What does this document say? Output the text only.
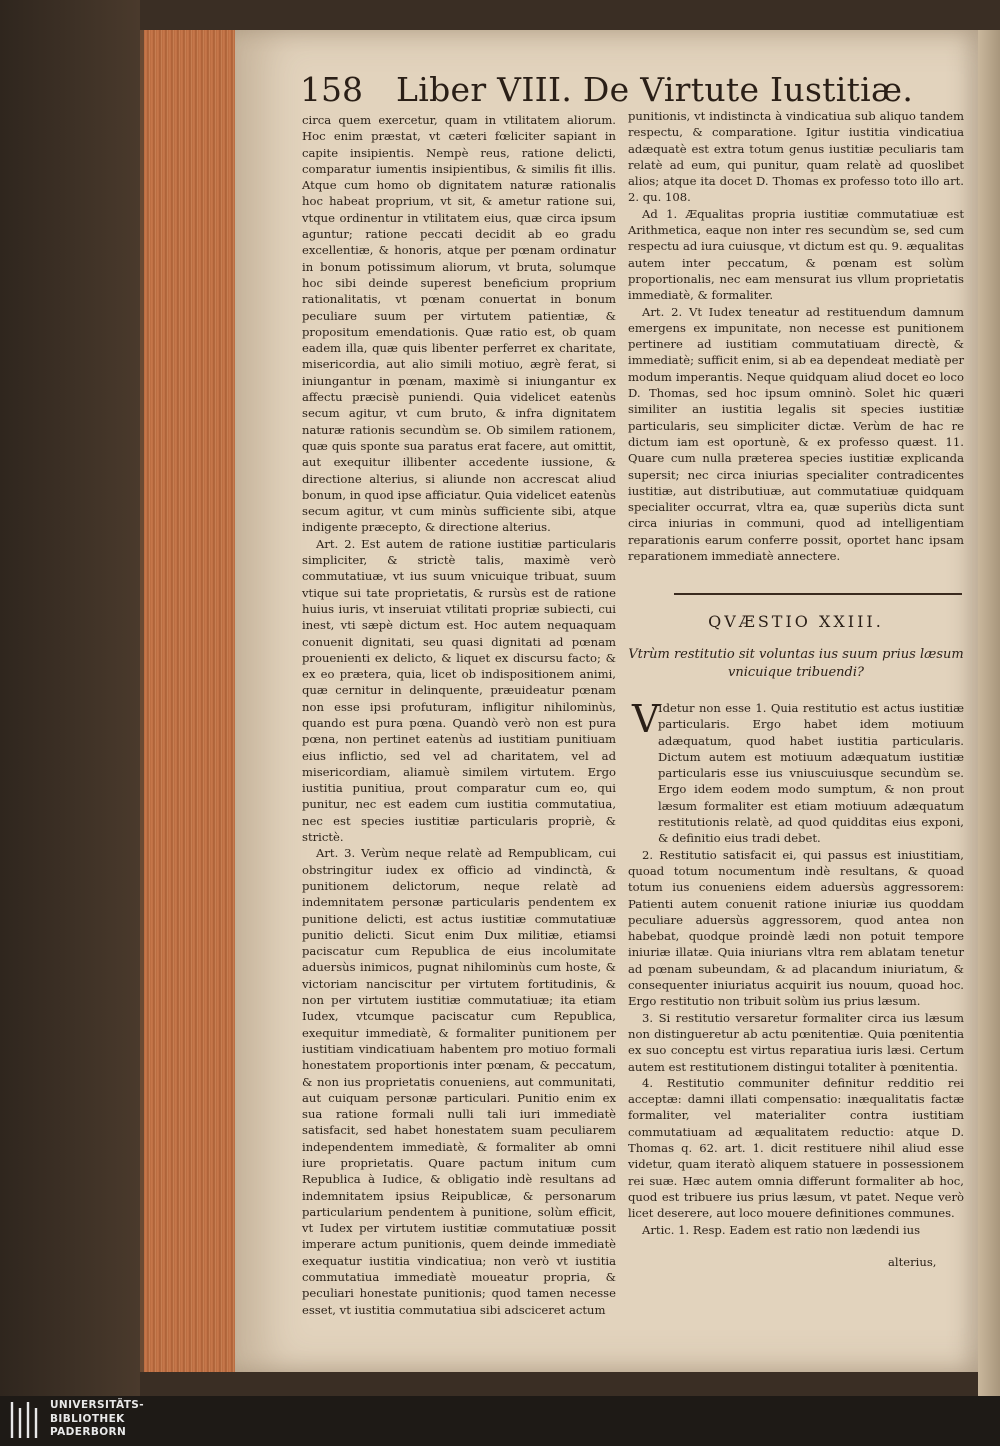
158 Liber VIII. De Virtute Iustitiæ.

circa quem exercetur, quam in vtilitatem aliorum. Hoc enim præstat, vt cæteri fœliciter sapiant in capite insipientis. Nempè reus, ratione delicti, comparatur iumentis insipientibus, & similis fit illis. Atque cum homo ob dignitatem naturæ rationalis hoc habeat proprium, vt sit, & ametur ratione sui, vtque ordinentur in vtilitatem eius, quæ circa ipsum aguntur; ratione peccati decidit ab eo gradu excellentiæ, & honoris, atque per pœnam ordinatur in bonum potissimum aliorum, vt bruta, solumque hoc sibi deinde superest beneficium proprium rationalitatis, vt pœnam conuertat in bonum peculiare suum per virtutem patientiæ, & propositum emendationis. Quæ ratio est, ob quam eadem illa, quæ quis libenter perferret ex charitate, misericordia, aut alio simili motiuo, ægrè ferat, si iniungantur in pœnam, maximè si iniungantur ex affectu præcisè puniendi. Quia videlicet eatenùs secum agitur, vt cum bruto, & infra dignitatem naturæ rationis secundùm se. Ob similem rationem, quæ quis sponte sua paratus erat facere, aut omittit, aut exequitur illibenter accedente iussione, & directione alterius, si aliunde non accrescat aliud bonum, in quod ipse afficiatur. Quia videlicet eatenùs secum agitur, vt cum minùs sufficiente sibi, atque indigente præcepto, & directione alterius.

Art. 2. Est autem de ratione iustitiæ particularis simpliciter, & strictè talis, maximè verò commutatiuæ, vt ius suum vnicuique tribuat, suum vtique sui tate proprietatis, & rursùs est de ratione huius iuris, vt inseruiat vtilitati propriæ subiecti, cui inest, vti sæpè dictum est. Hoc autem nequaquam conuenit dignitati, seu quasi dignitati ad pœnam prouenienti ex delicto, & liquet ex discursu facto; & ex eo prætera, quia, licet ob indispositionem animi, quæ cernitur in delinquente, præuideatur pœnam non esse ipsi profuturam, infligitur nihilominùs, quando est pura pœna. Quandò verò non est pura pœna, non pertinet eatenùs ad iustitiam punitiuam eius inflictio, sed vel ad charitatem, vel ad misericordiam, aliamuè similem virtutem. Ergo iustitia punitiua, prout comparatur cum eo, qui punitur, nec est eadem cum iustitia commutatiua, nec est species iustitiæ particularis propriè, & strictè.

Art. 3. Verùm neque relatè ad Rempublicam, cui obstringitur iudex ex officio ad vindinctà, & punitionem delictorum, neque relatè ad indemnitatem personæ particularis pendentem ex punitione delicti, est actus iustitiæ commutatiuæ punitio delicti. Sicut enim Dux militiæ, etiamsi paciscatur cum Republica de eius incolumitate aduersùs inimicos, pugnat nihilominùs cum hoste, & victoriam nanciscitur per virtutem fortitudinis, & non per virtutem iustitiæ commutatiuæ; ita etiam Iudex, vtcumque paciscatur cum Republica, exequitur immediatè, & formaliter punitionem per iustitiam vindicatiuam habentem pro motiuo formali honestatem proportionis inter pœnam, & peccatum, & non ius proprietatis conueniens, aut communitati, aut cuiquam personæ particulari. Punitio enim ex sua ratione formali nulli tali iuri immediatè satisfacit, sed habet honestatem suam peculiarem independentem immediatè, & formaliter ab omni iure proprietatis. Quare pactum initum cum Republica à Iudice, & obligatio indè resultans ad indemnitatem ipsius Reipublicæ, & personarum particularium pendentem à punitione, solùm efficit, vt Iudex per virtutem iustitiæ commutatiuæ possit imperare actum punitionis, quem deinde immediatè exequatur iustitia vindicatiua; non verò vt iustitia commutatiua immediatè moueatur propria, & peculiari honestate punitionis; quod tamen necesse esset, vt iustitia commutatiua sibi adsciceret actum

punitionis, vt indistincta à vindicatiua sub aliquo tandem respectu, & comparatione. Igitur iustitia vindicatiua adæquatè est extra totum genus iustitiæ peculiaris tam relatè ad eum, qui punitur, quam relatè ad quoslibet alios; atque ita docet D. Thomas ex professo toto illo art. 2. qu. 108.

Ad 1. Æqualitas propria iustitiæ commutatiuæ est Arithmetica, eaque non inter res secundùm se, sed cum respectu ad iura cuiusque, vt dictum est qu. 9. æqualitas autem inter peccatum, & pœnam est solùm proportionalis, nec eam mensurat ius vllum proprietatis immediatè, & formaliter.

Art. 2. Vt Iudex teneatur ad restituendum damnum emergens ex impunitate, non necesse est punitionem pertinere ad iustitiam commutatiuam directè, & immediatè; sufficit enim, si ab ea dependeat mediatè per modum imperantis. Neque quidquam aliud docet eo loco D. Thomas, sed hoc ipsum omninò. Solet hic quæri similiter an iustitia legalis sit species iustitiæ particularis, seu simpliciter dictæ. Verùm de hac re dictum iam est oportunè, & ex professo quæst. 11. Quare cum nulla præterea species iustitiæ explicanda supersit; nec circa iniurias specialiter contradicentes iustitiæ, aut distributiuæ, aut commutatiuæ quidquam specialiter occurrat, vltra ea, quæ superiùs dicta sunt circa iniurias in communi, quod ad intelligentiam reparationis earum conferre possit, oportet hanc ipsam reparationem immediatè annectere.

QVÆSTIO XXIII.
Vtrùm restitutio sit voluntas ius suum prius læsum vnicuique tribuendi?
V

Idetur non esse 1. Quia restitutio est actus iustitiæ particularis. Ergo habet idem motiuum adæquatum, quod habet iustitia particularis. Dictum autem est motiuum adæquatum iustitiæ particularis esse ius vniuscuiusque secundùm se. Ergo idem eodem modo sumptum, & non prout læsum formaliter est etiam motiuum adæquatum restitutionis relatè, ad quod quidditas eius exponi, & definitio eius tradi debet.

2. Restitutio satisfacit ei, qui passus est iniustitiam, quoad totum nocumentum indè resultans, & quoad totum ius conueniens eidem aduersùs aggressorem: Patienti autem conuenit ratione iniuriæ ius quoddam peculiare aduersùs aggressorem, quod antea non habebat, quodque proindè lædi non potuit tempore iniuriæ illatæ. Quia iniurians vltra rem ablatam tenetur ad pœnam subeundam, & ad placandum iniuriatum, & consequenter iniuriatus acquirit ius nouum, quoad hoc. Ergo restitutio non tribuit solùm ius prius læsum.

3. Si restitutio versaretur formaliter circa ius læsum non distingueretur ab actu pœnitentiæ. Quia pœnitentia ex suo conceptu est virtus reparatiua iuris læsi. Certum autem est restitutionem distingui totaliter à pœnitentia.

4. Restitutio communiter definitur redditio rei acceptæ: damni illati compensatio: inæqualitatis factæ formaliter, vel materialiter contra iustitiam commutatiuam ad æqualitatem reductio: atque D. Thomas q. 62. art. 1. dicit restituere nihil aliud esse videtur, quam iteratò aliquem statuere in possessionem rei suæ. Hæc autem omnia differunt formaliter ab hoc, quod est tribuere ius prius læsum, vt patet. Neque verò licet deserere, aut loco mouere definitiones communes.

Artic. 1. Resp. Eadem est ratio non lædendi ius

alterius,
UNIVERSITÄTS-
BIBLIOTHEK
PADERBORN
